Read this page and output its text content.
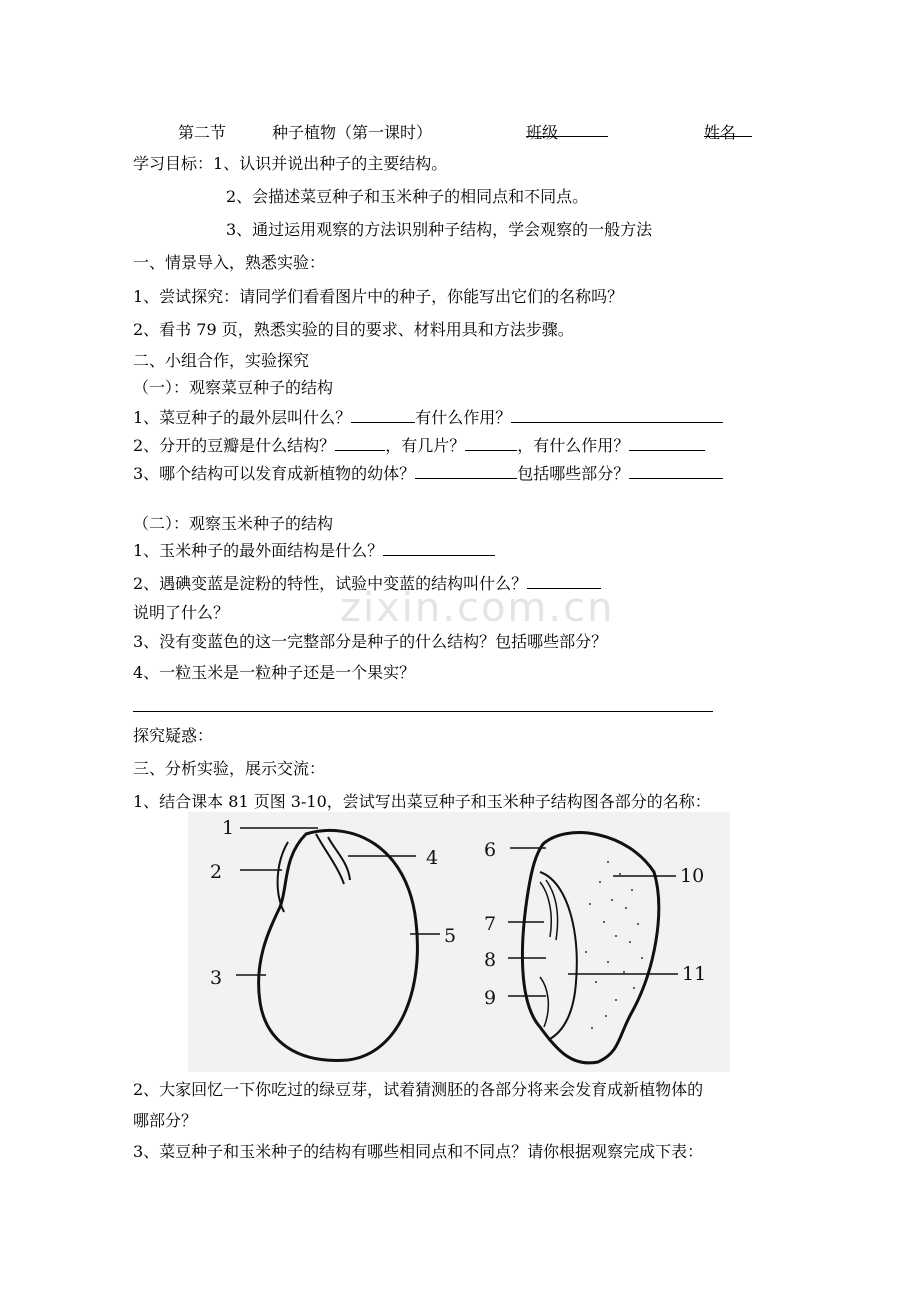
zixin.com.cn
第二节	种子植物（第一课时）	班级	姓名
学习目标：1、认识并说出种子的主要结构。
2、会描述菜豆种子和玉米种子的相同点和不同点。
3、通过运用观察的方法识别种子结构，学会观察的一般方法
一、情景导入，熟悉实验：
1、尝试探究：请同学们看看图片中的种子，你能写出它们的名称吗？
2、看书 79 页，熟悉实验的目的要求、材料用具和方法步骤。
二、小组合作，实验探究
（一）：观察菜豆种子的结构
1、菜豆种子的最外层叫什么？	有什么作用？
2、分开的豆瓣是什么结构？	，有几片？	，有什么作用？
3、哪个结构可以发育成新植物的幼体？	包括哪些部分？
（二）：观察玉米种子的结构
1、玉米种子的最外面结构是什么？
2、遇碘变蓝是淀粉的特性，试验中变蓝的结构叫什么？
说明了什么？
3、没有变蓝色的这一完整部分是种子的什么结构？包括哪些部分？
4、一粒玉米是一粒种子还是一个果实？
探究疑惑：
三、分析实验，展示交流：
1、结合课本 81 页图 3-10，尝试写出菜豆种子和玉米种子结构图各部分的名称：
1
2
3
4
5
6
7
8
9
10
11
2、大家回忆一下你吃过的绿豆芽，试着猜测胚的各部分将来会发育成新植物体的
哪部分？
3、菜豆种子和玉米种子的结构有哪些相同点和不同点？请你根据观察完成下表：
